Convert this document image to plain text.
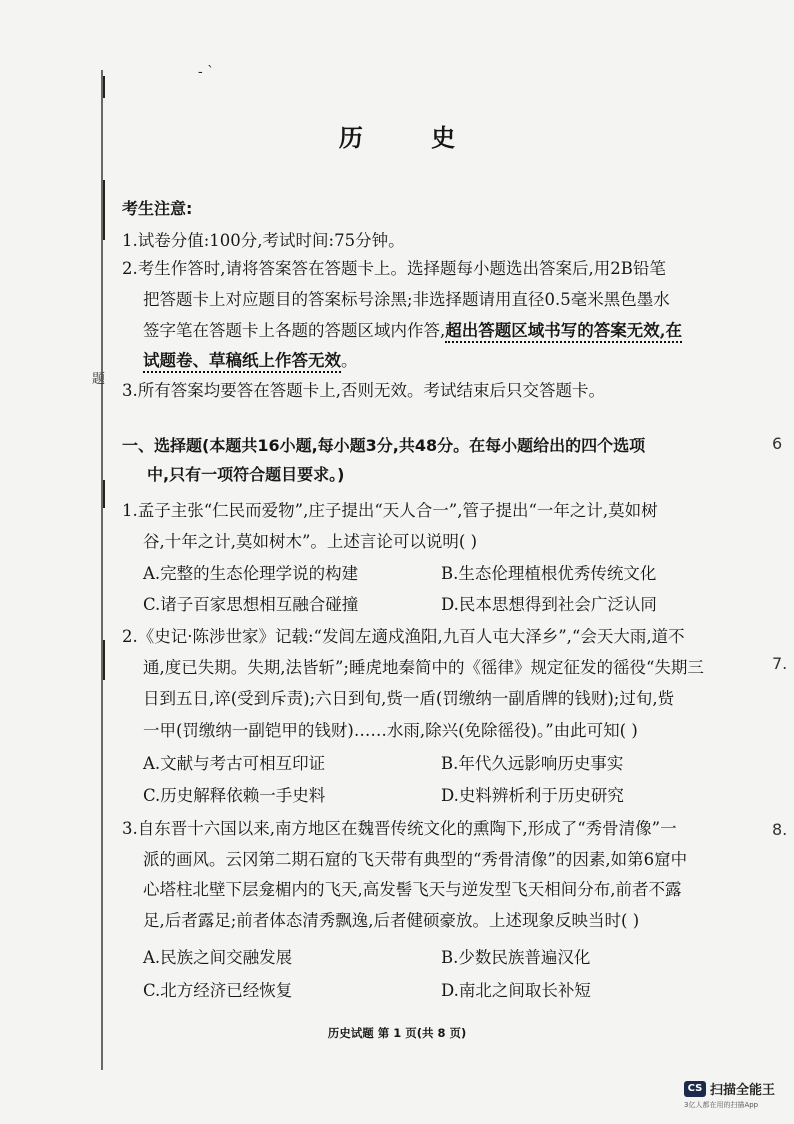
题
- ˋ
6
7.
8.
历 史
考生注意:
1.试卷分值:100分,考试时间:75分钟。
2.考生作答时,请将答案答在答题卡上。选择题每小题选出答案后,用2B铅笔
把答题卡上对应题目的答案标号涂黑;非选择题请用直径0.5毫米黑色墨水
签字笔在答题卡上各题的答题区域内作答,超出答题区域书写的答案无效,在
试题卷、草稿纸上作答无效。
3.所有答案均要答在答题卡上,否则无效。考试结束后只交答题卡。
一、选择题(本题共16小题,每小题3分,共48分。在每小题给出的四个选项
中,只有一项符合题目要求。)
1.孟子主张“仁民而爱物”,庄子提出“天人合一”,管子提出“一年之计,莫如树
谷,十年之计,莫如树木”。上述言论可以说明( )
A.完整的生态伦理学说的构建	B.生态伦理植根优秀传统文化
C.诸子百家思想相互融合碰撞	D.民本思想得到社会广泛认同
2.《史记·陈涉世家》记载:“发闾左適戍渔阳,九百人屯大泽乡”,“会天大雨,道不
通,度已失期。失期,法皆斩”;睡虎地秦简中的《徭律》规定征发的徭役“失期三
日到五日,谇(受到斥责);六日到旬,赀一盾(罚缴纳一副盾牌的钱财);过旬,赀
一甲(罚缴纳一副铠甲的钱财)……水雨,除兴(免除徭役)。”由此可知( )
A.文献与考古可相互印证	B.年代久远影响历史事实
C.历史解释依赖一手史料	D.史料辨析利于历史研究
3.自东晋十六国以来,南方地区在魏晋传统文化的熏陶下,形成了“秀骨清像”一
派的画风。云冈第二期石窟的飞天带有典型的“秀骨清像”的因素,如第6窟中
心塔柱北壁下层龛楣内的飞天,高发髻飞天与逆发型飞天相间分布,前者不露
足,后者露足;前者体态清秀飘逸,后者健硕豪放。上述现象反映当时( )
A.民族之间交融发展	B.少数民族普遍汉化
C.北方经济已经恢复	D.南北之间取长补短
历史试题 第 1 页(共 8 页)
CS 扫描全能王
3亿人都在用的扫描App
